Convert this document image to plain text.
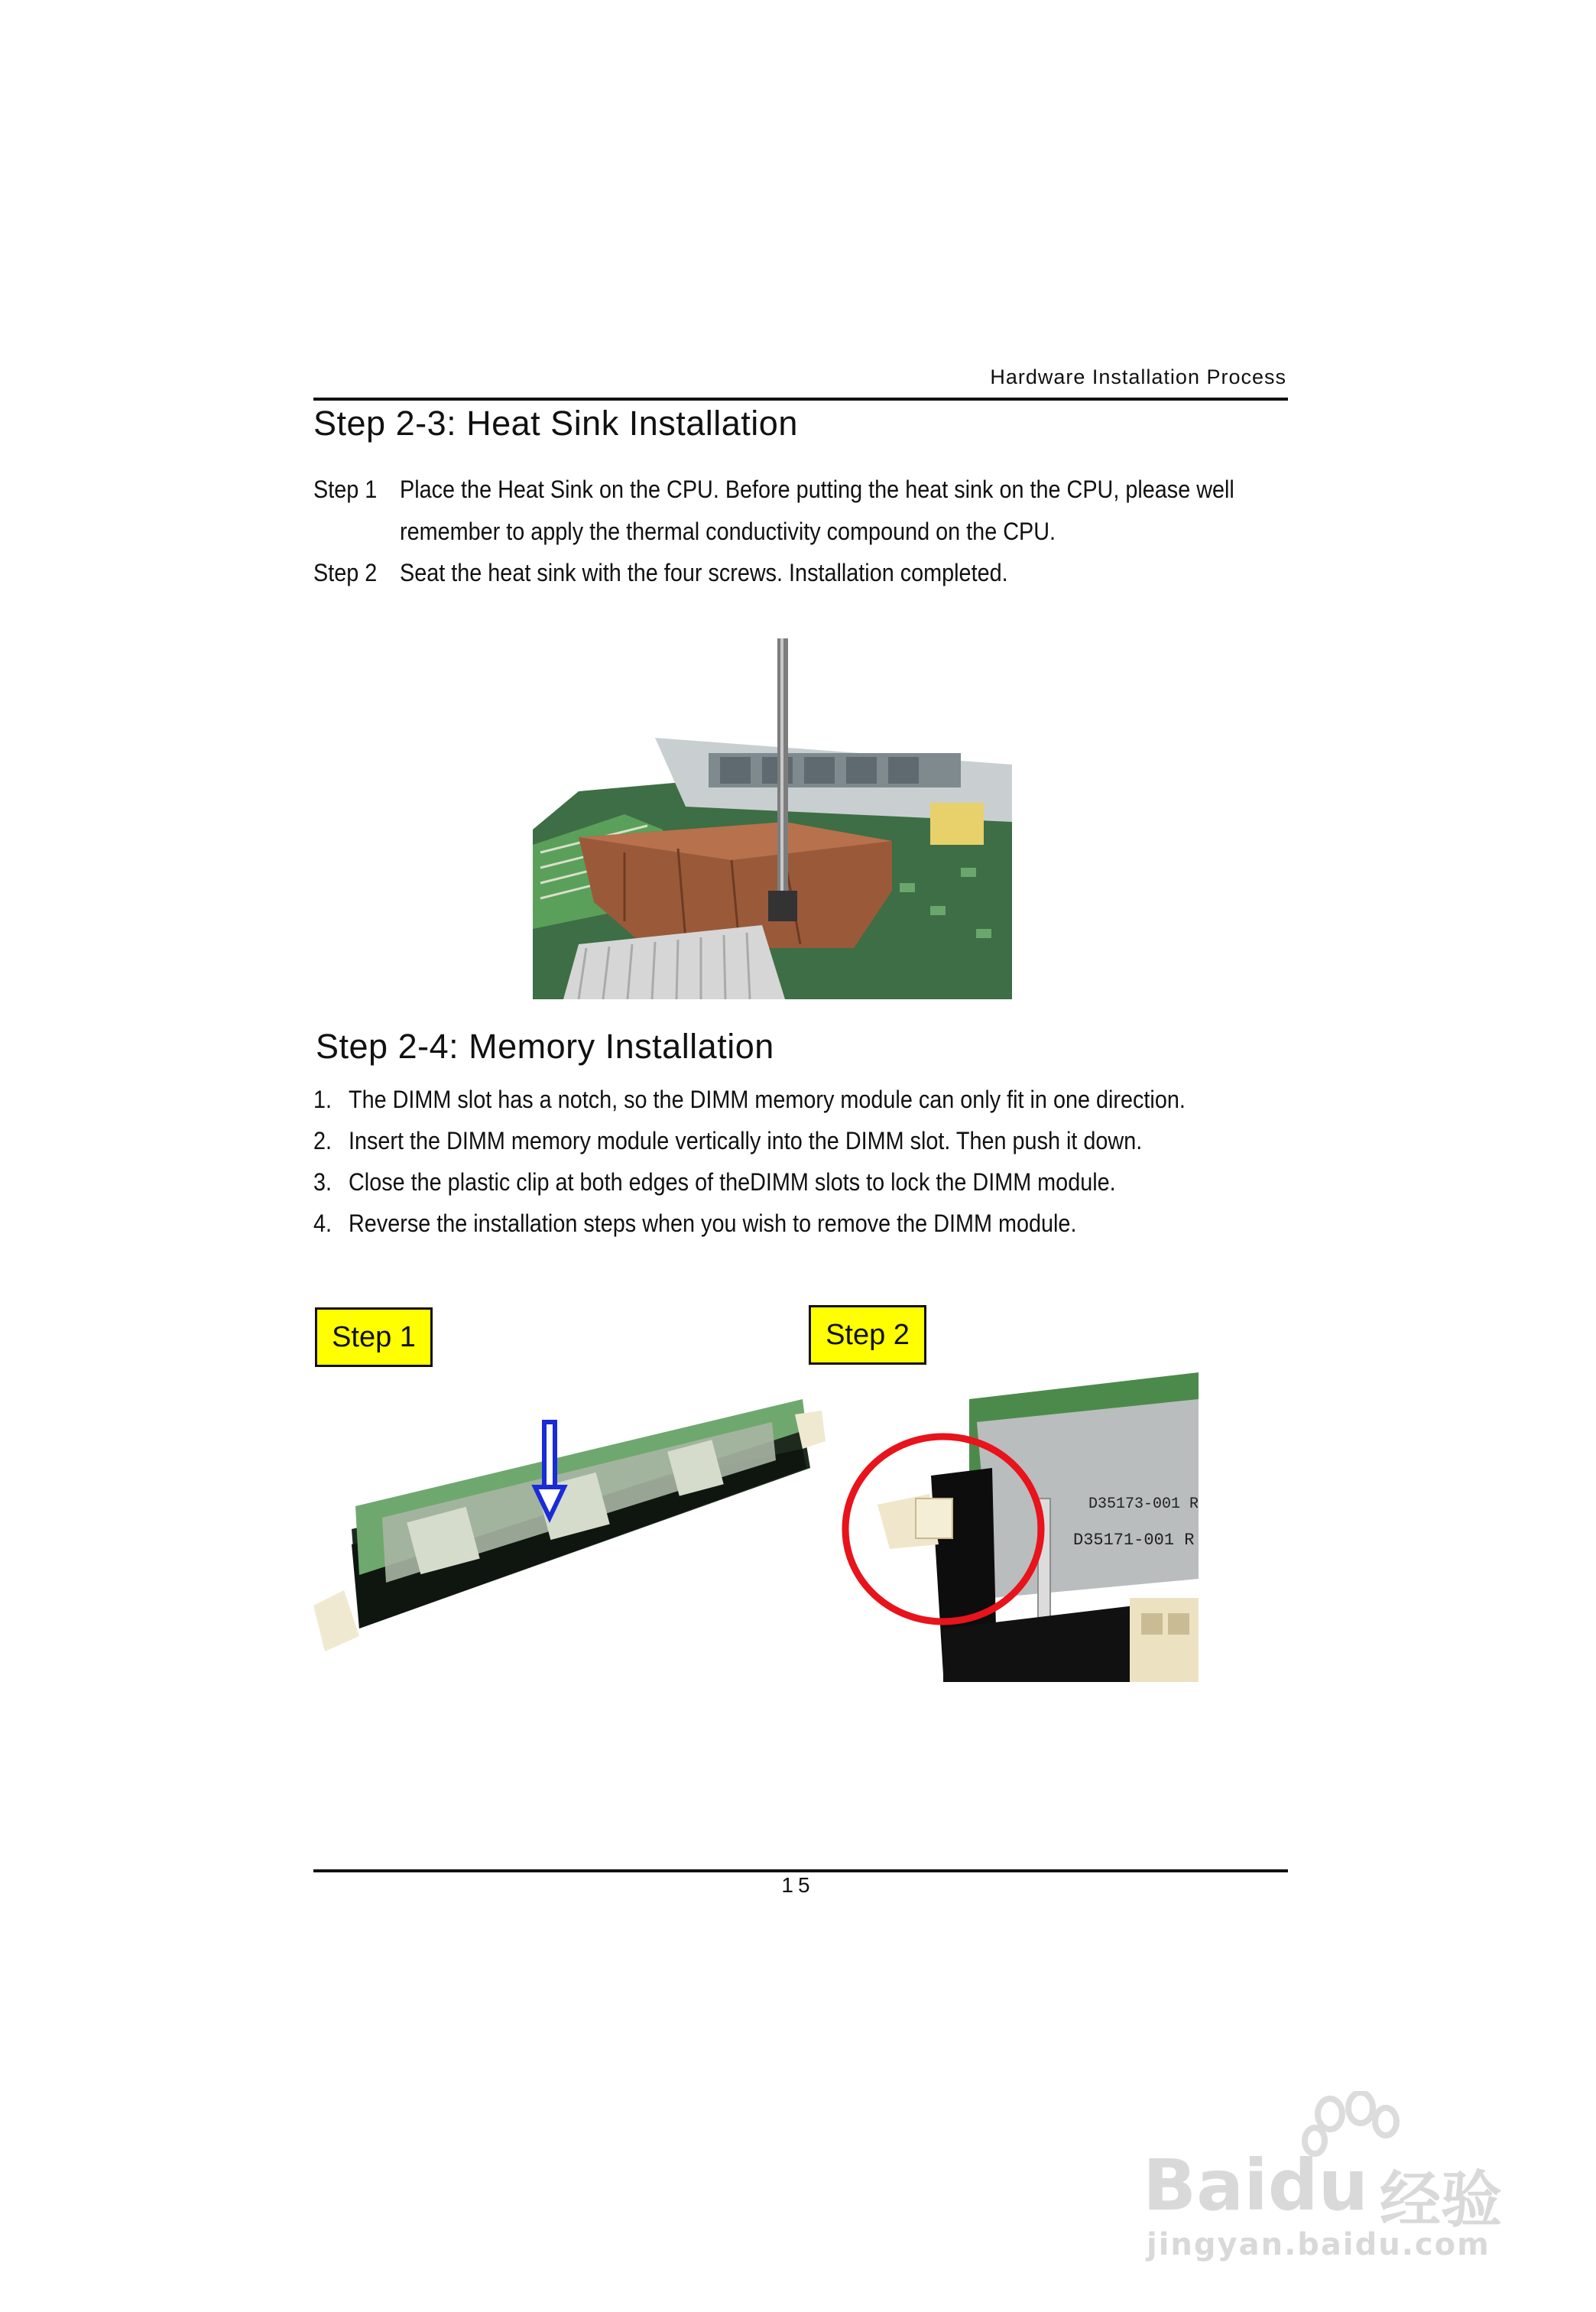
Hardware Installation Process
Step 2-3: Heat Sink Installation
Step 1 Place the Heat Sink on the CPU. Before putting the heat sink on the CPU, please well
remember to apply the thermal conductivity compound on the CPU.
Step 2 Seat the heat sink with the four screws. Installation completed.
Step 2-4: Memory Installation
1. The DIMM slot has a notch, so the DIMM memory module can only fit in one direction.
2. Insert the DIMM memory module vertically into the DIMM slot. Then push it down.
3. Close the plastic clip at both edges of theDIMM slots to lock the DIMM module.
4. Reverse the installation steps when you wish to remove the DIMM module.
Step 1	Step 2
D35173-001 R
D35171-001 R
15
Baidu 经验
jingyan.baidu.com
